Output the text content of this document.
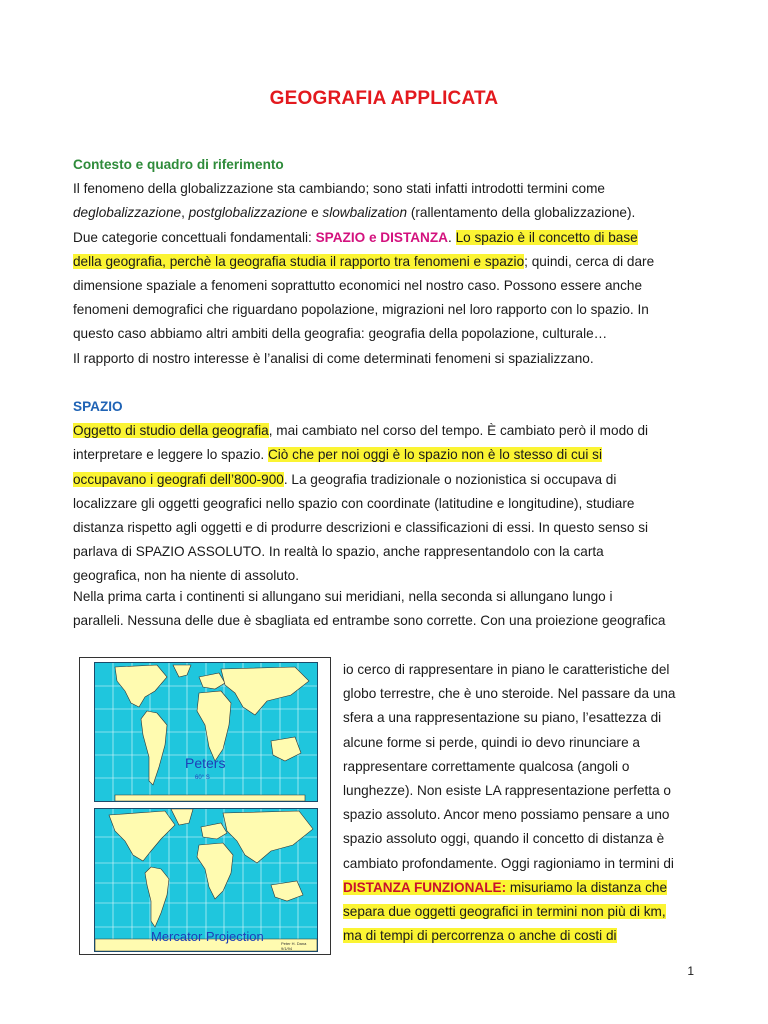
GEOGRAFIA APPLICATA
Contesto e quadro di riferimento
Il fenomeno della globalizzazione sta cambiando; sono stati infatti introdotti termini come
deglobalizzazione, postglobalizzazione e slowbalization (rallentamento della globalizzazione).
Due categorie concettuali fondamentali: SPAZIO e DISTANZA. Lo spazio è il concetto di base
della geografia, perchè la geografia studia il rapporto tra fenomeni e spazio; quindi, cerca di dare
dimensione spaziale a fenomeni soprattutto economici nel nostro caso. Possono essere anche
fenomeni demografici che riguardano popolazione, migrazioni nel loro rapporto con lo spazio. In
questo caso abbiamo altri ambiti della geografia: geografia della popolazione, culturale…
Il rapporto di nostro interesse è l’analisi di come determinati fenomeni si spazializzano.
SPAZIO
Oggetto di studio della geografia, mai cambiato nel corso del tempo. È cambiato però il modo di
interpretare e leggere lo spazio. Ciò che per noi oggi è lo spazio non è lo stesso di cui si
occupavano i geografi dell’800-900. La geografia tradizionale o nozionistica si occupava di
localizzare gli oggetti geografici nello spazio con coordinate (latitudine e longitudine), studiare
distanza rispetto agli oggetti e di produrre descrizioni e classificazioni di essi. In questo senso si
parlava di SPAZIO ASSOLUTO. In realtà lo spazio, anche rappresentandolo con la carta
geografica, non ha niente di assoluto.
Nella prima carta i continenti si allungano sui meridiani, nella seconda si allungano lungo i
paralleli. Nessuna delle due è sbagliata ed entrambe sono corrette. Con una proiezione geografica
Peters
60° S
Mercator Projection	Peter H. Dana 9/1/94
io cerco di rappresentare in piano le caratteristiche del
globo terrestre, che è uno steroide. Nel passare da una
sfera a una rappresentazione su piano, l’esattezza di
alcune forme si perde, quindi io devo rinunciare a
rappresentare correttamente qualcosa (angoli o
lunghezze). Non esiste LA rappresentazione perfetta o
spazio assoluto. Ancor meno possiamo pensare a uno
spazio assoluto oggi, quando il concetto di distanza è
cambiato profondamente. Oggi ragioniamo in termini di
DISTANZA FUNZIONALE: misuriamo la distanza che
separa due oggetti geografici in termini non più di km,
ma di tempi di percorrenza o anche di costi di
1
